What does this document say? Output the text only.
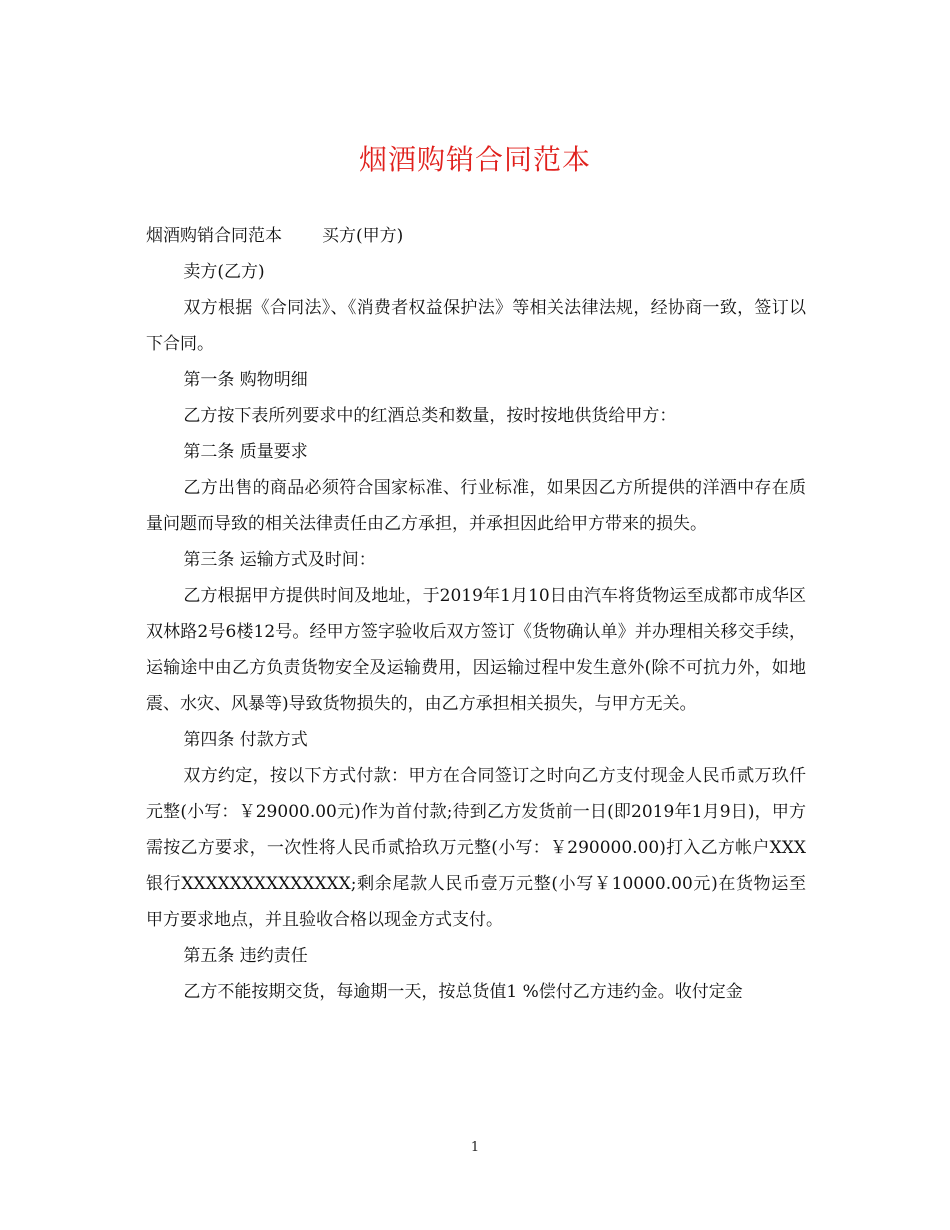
烟酒购销合同范本

烟酒购销合同范本 买方(甲方)

卖方(乙方)

双方根据《合同法》、《消费者权益保护法》等相关法律法规，经协商一致，签订以下合同。

第一条 购物明细

乙方按下表所列要求中的红酒总类和数量，按时按地供货给甲方：

第二条 质量要求

乙方出售的商品必须符合国家标准、行业标准，如果因乙方所提供的洋酒中存在质量问题而导致的相关法律责任由乙方承担，并承担因此给甲方带来的损失。

第三条 运输方式及时间：

乙方根据甲方提供时间及地址，于2019年1月10日由汽车将货物运至成都市成华区双林路2号6楼12号。经甲方签字验收后双方签订《货物确认单》并办理相关移交手续，运输途中由乙方负责货物安全及运输费用，因运输过程中发生意外(除不可抗力外，如地震、水灾、风暴等)导致货物损失的，由乙方承担相关损失，与甲方无关。

第四条 付款方式

双方约定，按以下方式付款：甲方在合同签订之时向乙方支付现金人民币贰万玖仟元整(小写：￥29000.00元)作为首付款;待到乙方发货前一日(即2019年1月9日)，甲方需按乙方要求，一次性将人民币贰拾玖万元整(小写：￥290000.00)打入乙方帐户XXX银行XXXXXXXXXXXXXX;剩余尾款人民币壹万元整(小写￥10000.00元)在货物运至甲方要求地点，并且验收合格以现金方式支付。

第五条 违约责任

乙方不能按期交货，每逾期一天，按总货值1 %偿付乙方违约金。收付定金

1
